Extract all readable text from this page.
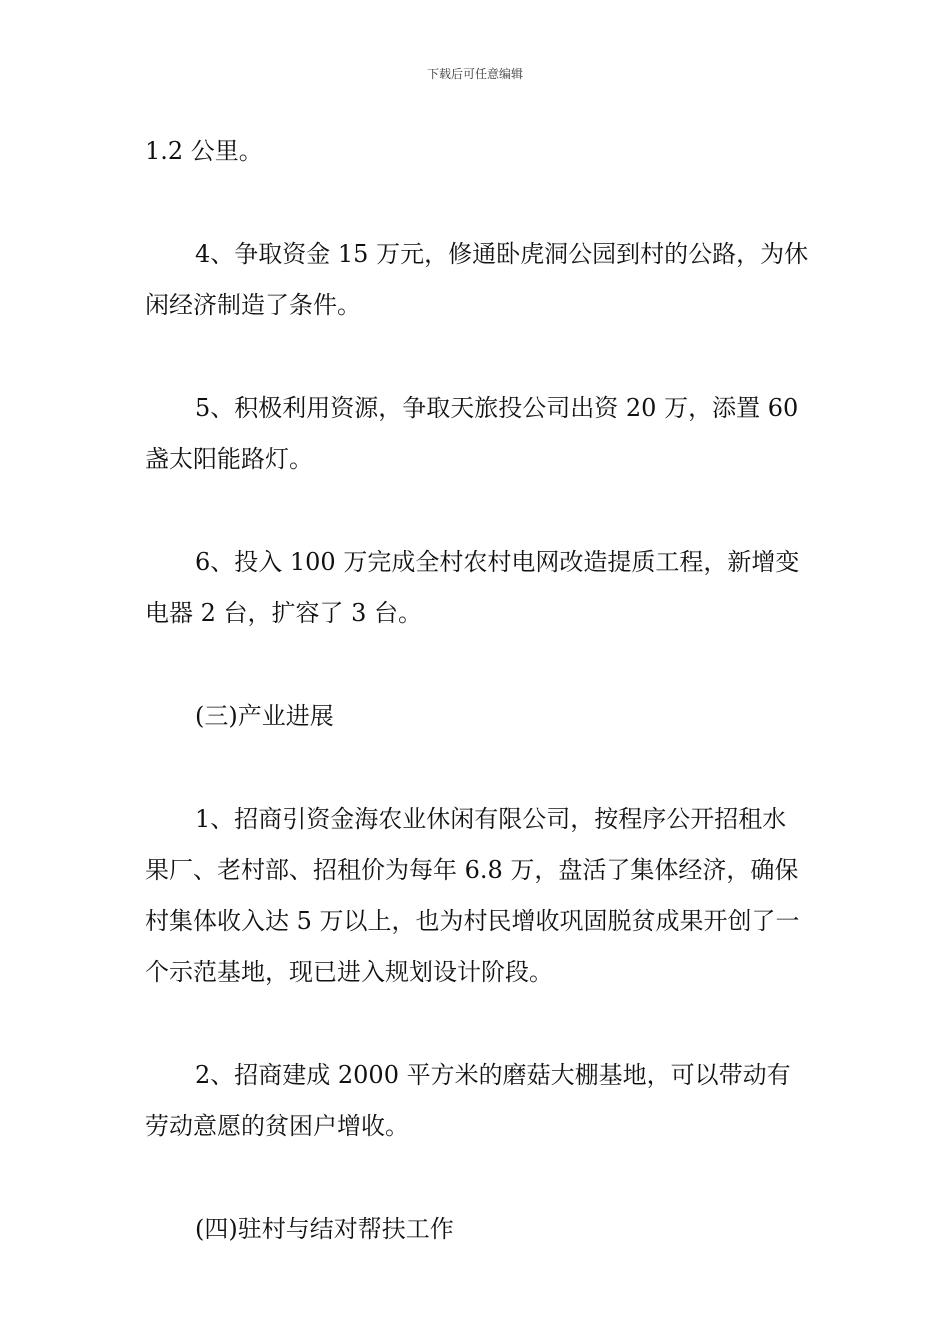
下载后可任意编辑

1.2 公里。

4、争取资金 15 万元，修通卧虎洞公园到村的公路，为休闲经济制造了条件。

5、积极利用资源，争取天旅投公司出资 20 万，添置 60 盏太阳能路灯。

6、投入 100 万完成全村农村电网改造提质工程，新增变电器 2 台，扩容了 3 台。

(三)产业进展

1、招商引资金海农业休闲有限公司，按程序公开招租水果厂、老村部、招租价为每年 6.8 万，盘活了集体经济，确保村集体收入达 5 万以上，也为村民增收巩固脱贫成果开创了一个示范基地，现已进入规划设计阶段。

2、招商建成 2000 平方米的磨菇大棚基地，可以带动有劳动意愿的贫困户增收。

(四)驻村与结对帮扶工作
